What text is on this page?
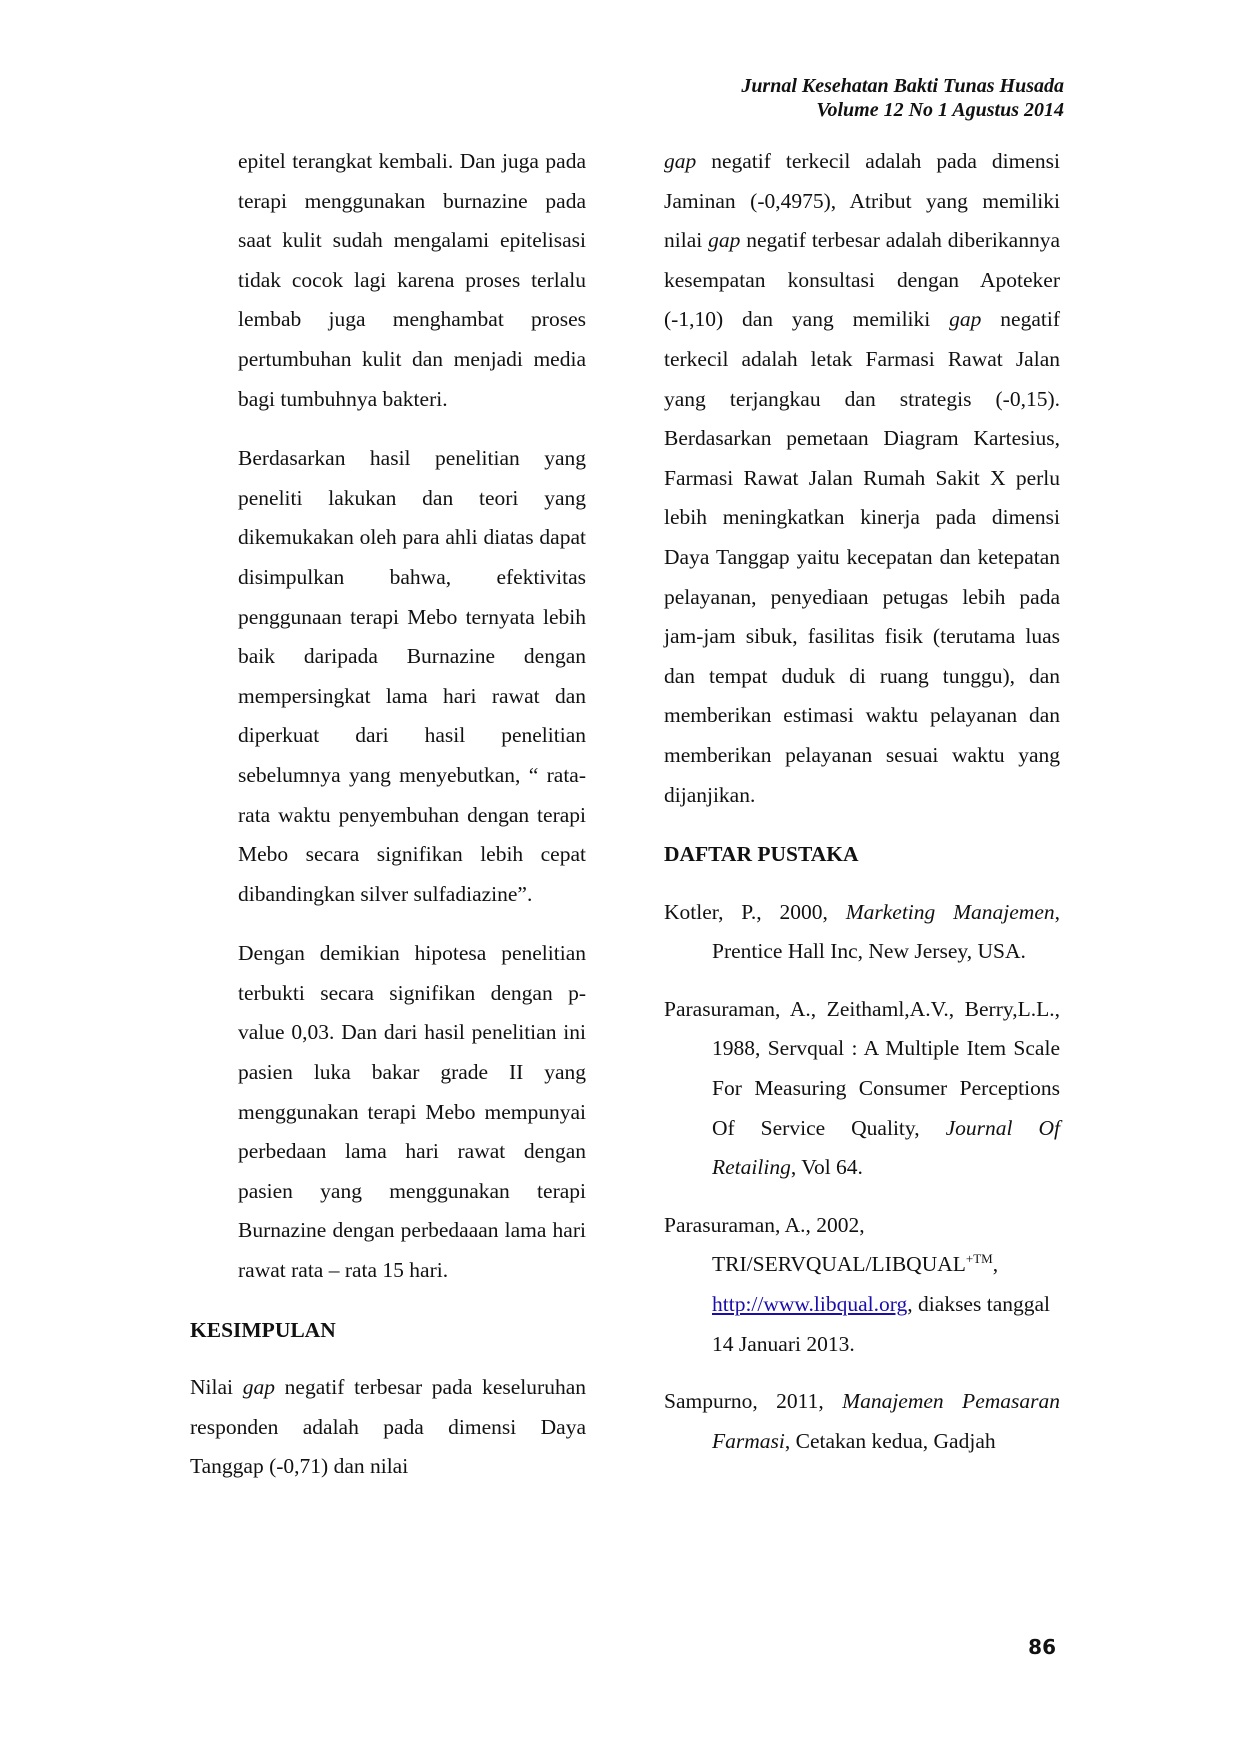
Jurnal Kesehatan Bakti Tunas Husada
Volume 12 No 1 Agustus 2014

epitel terangkat kembali. Dan juga pada terapi menggunakan burnazine pada saat kulit sudah mengalami epitelisasi tidak cocok lagi karena proses terlalu lembab juga menghambat proses pertumbuhan kulit dan menjadi media bagi tumbuhnya bakteri.

Berdasarkan hasil penelitian yang peneliti lakukan dan teori yang dikemukakan oleh para ahli diatas dapat disimpulkan bahwa, efektivitas penggunaan terapi Mebo ternyata lebih baik daripada Burnazine dengan mempersingkat lama hari rawat dan diperkuat dari hasil penelitian sebelumnya yang menyebutkan, “ rata-rata waktu penyembuhan dengan terapi Mebo secara signifikan lebih cepat dibandingkan silver sulfadiazine”.

Dengan demikian hipotesa penelitian terbukti secara signifikan dengan p-value 0,03. Dan dari hasil penelitian ini pasien luka bakar grade II yang menggunakan terapi Mebo mempunyai perbedaan lama hari rawat dengan pasien yang menggunakan terapi Burnazine dengan perbedaaan lama hari rawat rata – rata 15 hari.

KESIMPULAN

Nilai gap negatif terbesar pada keseluruhan responden adalah pada dimensi Daya Tanggap (-0,71) dan nilai

gap negatif terkecil adalah pada dimensi Jaminan (-0,4975), Atribut yang memiliki nilai gap negatif terbesar adalah diberikannya kesempatan konsultasi dengan Apoteker (-1,10) dan yang memiliki gap negatif terkecil adalah letak Farmasi Rawat Jalan yang terjangkau dan strategis (-0,15). Berdasarkan pemetaan Diagram Kartesius, Farmasi Rawat Jalan Rumah Sakit X perlu lebih meningkatkan kinerja pada dimensi Daya Tanggap yaitu kecepatan dan ketepatan pelayanan, penyediaan petugas lebih pada jam-jam sibuk, fasilitas fisik (terutama luas dan tempat duduk di ruang tunggu), dan memberikan estimasi waktu pelayanan dan memberikan pelayanan sesuai waktu yang dijanjikan.

DAFTAR PUSTAKA

Kotler, P., 2000, Marketing Manajemen, Prentice Hall Inc, New Jersey, USA.

Parasuraman, A., Zeithaml,A.V., Berry,L.L., 1988, Servqual : A Multiple Item Scale For Measuring Consumer Perceptions Of Service Quality, Journal Of Retailing, Vol 64.

Parasuraman, A., 2002, TRI/$SERVQUAL/LIBQUAL^{+TM}$, http://www.libqual.org, diakses tanggal 14 Januari 2013.

Sampurno, 2011, Manajemen Pemasaran Farmasi, Cetakan kedua, Gadjah

86
